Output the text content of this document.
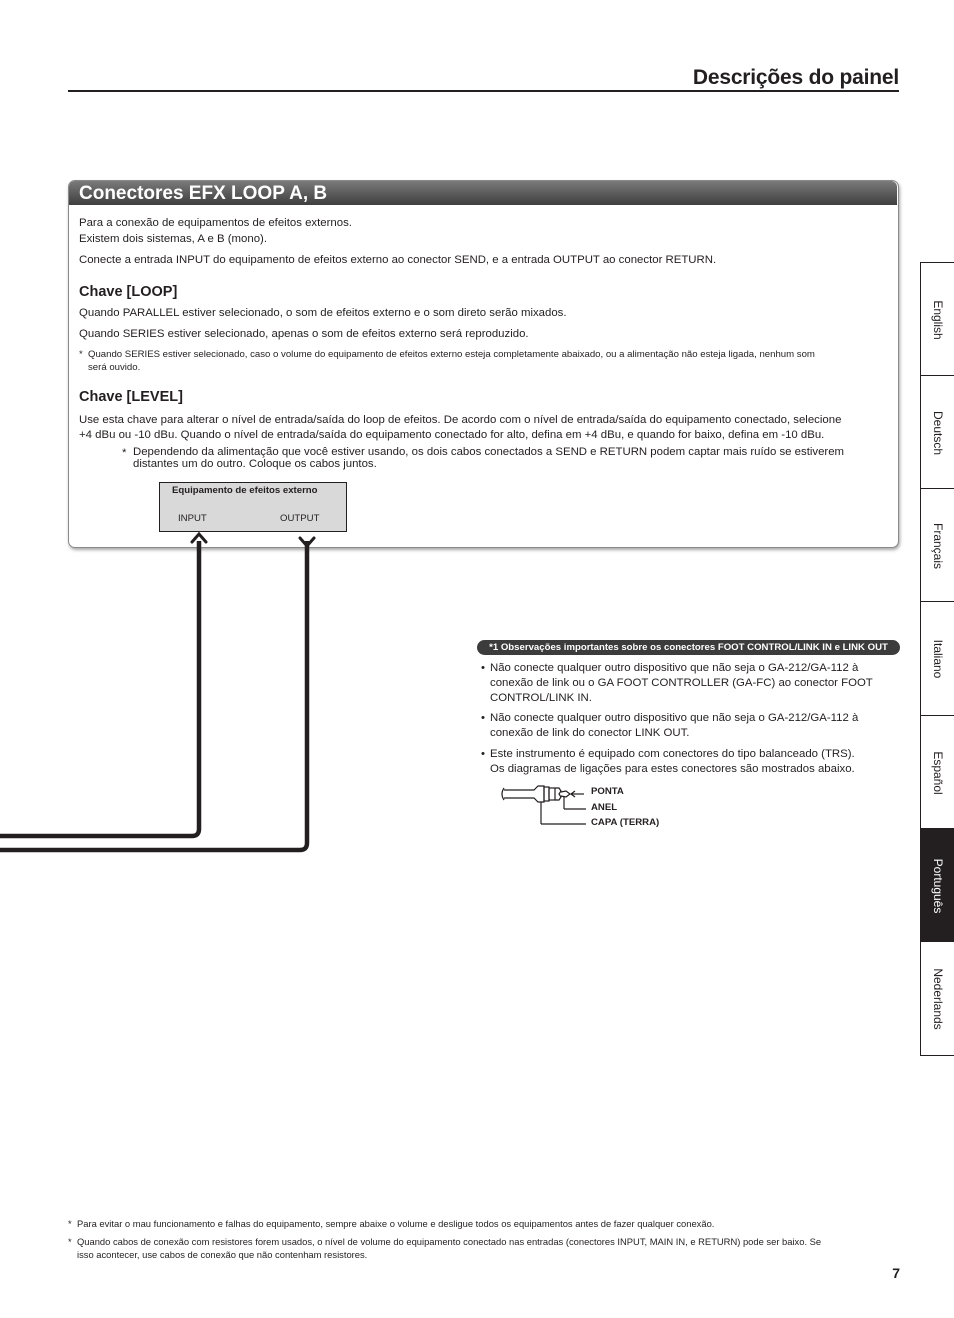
Descrições do painel
Conectores EFX LOOP A, B
Para a conexão de equipamentos de efeitos externos.
Existem dois sistemas, A e B (mono).
Conecte a entrada INPUT do equipamento de efeitos externo ao conector SEND, e a entrada OUTPUT ao conector RETURN.
Chave [LOOP]
Quando PARALLEL estiver selecionado, o som de efeitos externo e o som direto serão mixados.
Quando SERIES estiver selecionado, apenas o som de efeitos externo será reproduzido.
* Quando SERIES estiver selecionado, caso o volume do equipamento de efeitos externo esteja completamente abaixado, ou a alimentação não esteja ligada, nenhum som
será ouvido.
Chave [LEVEL]
Use esta chave para alterar o nível de entrada/saída do loop de efeitos. De acordo com o nível de entrada/saída do equipamento conectado, selecione
+4 dBu ou -10 dBu. Quando o nível de entrada/saída do equipamento conectado for alto, defina em +4 dBu, e quando for baixo, defina em -10 dBu.
* Dependendo da alimentação que você estiver usando, os dois cabos conectados a SEND e RETURN podem captar mais ruído se estiverem
distantes um do outro. Coloque os cabos juntos.
Equipamento de efeitos externo
INPUT	OUTPUT
*1 Observações importantes sobre os conectores FOOT CONTROL/LINK IN e LINK OUT
• Não conecte qualquer outro dispositivo que não seja o GA-212/GA-112 à
conexão de link ou o GA FOOT CONTROLLER (GA-FC) ao conector FOOT
CONTROL/LINK IN.
• Não conecte qualquer outro dispositivo que não seja o GA-212/GA-112 à
conexão de link do conector LINK OUT.
• Este instrumento é equipado com conectores do tipo balanceado (TRS).
Os diagramas de ligações para estes conectores são mostrados abaixo.
PONTA
ANEL
CAPA (TERRA)
English
Deutsch
Français
Italiano
Español
Português
Nederlands
* Para evitar o mau funcionamento e falhas do equipamento, sempre abaixe o volume e desligue todos os equipamentos antes de fazer qualquer conexão.
* Quando cabos de conexão com resistores forem usados, o nível de volume do equipamento conectado nas entradas (conectores INPUT, MAIN IN, e RETURN) pode ser baixo. Se
isso acontecer, use cabos de conexão que não contenham resistores.
7
